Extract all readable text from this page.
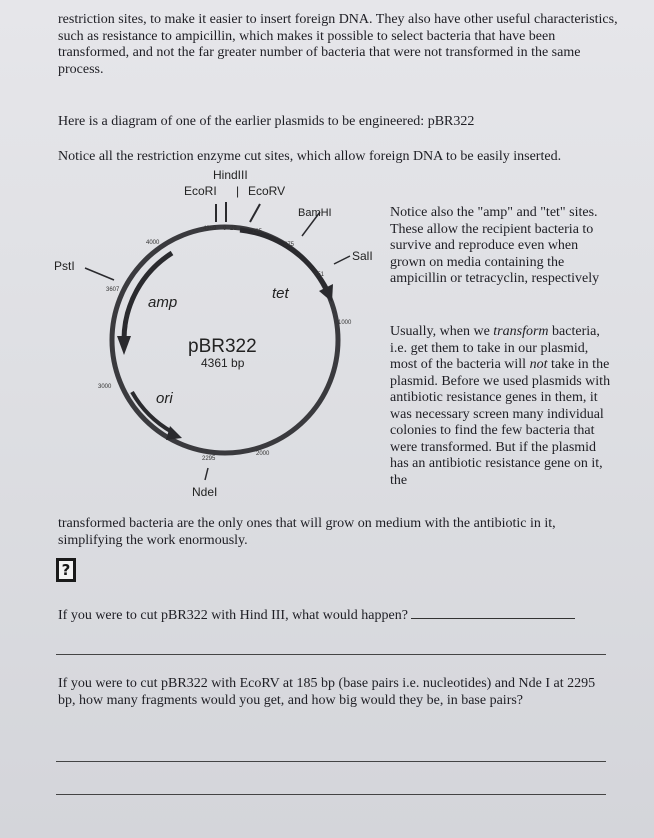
restriction sites, to make it easier to insert foreign DNA. They also have other useful characteristics, such as resistance to ampicillin, which makes it possible to select bacteria that have been transformed, and not the far greater number of bacteria that were not transformed in the same process.

Here is a diagram of one of the earlier plasmids to be engineered: pBR322

Notice all the restriction enzyme cut sites, which allow foreign DNA to be easily inserted.

HindIII
EcoRI	EcoRV
|
BamHI
SalI
PstI
NdeI
4359 0 29	185
375
651
1000
2000
2295
3000
3607
4000
amp
tet
ori
pBR322
4361 bp

Notice also the "amp" and "tet" sites. These allow the recipient bacteria to survive and reproduce even when grown on media containing the ampicillin or tetracyclin, respectively

Usually, when we transform bacteria, i.e. get them to take in our plasmid, most of the bacteria will not take in the plasmid. Before we used plasmids with antibiotic resistance genes in them, it was necessary screen many individual colonies to find the few bacteria that were transformed. But if the plasmid has an antibiotic resistance gene on it, the

transformed bacteria are the only ones that will grow on medium with the antibiotic in it, simplifying the work enormously.

?

If you were to cut pBR322 with Hind III, what would happen?

If you were to cut pBR322 with EcoRV at 185 bp (base pairs i.e. nucleotides) and Nde I at 2295 bp, how many fragments would you get, and how big would they be, in base pairs?
